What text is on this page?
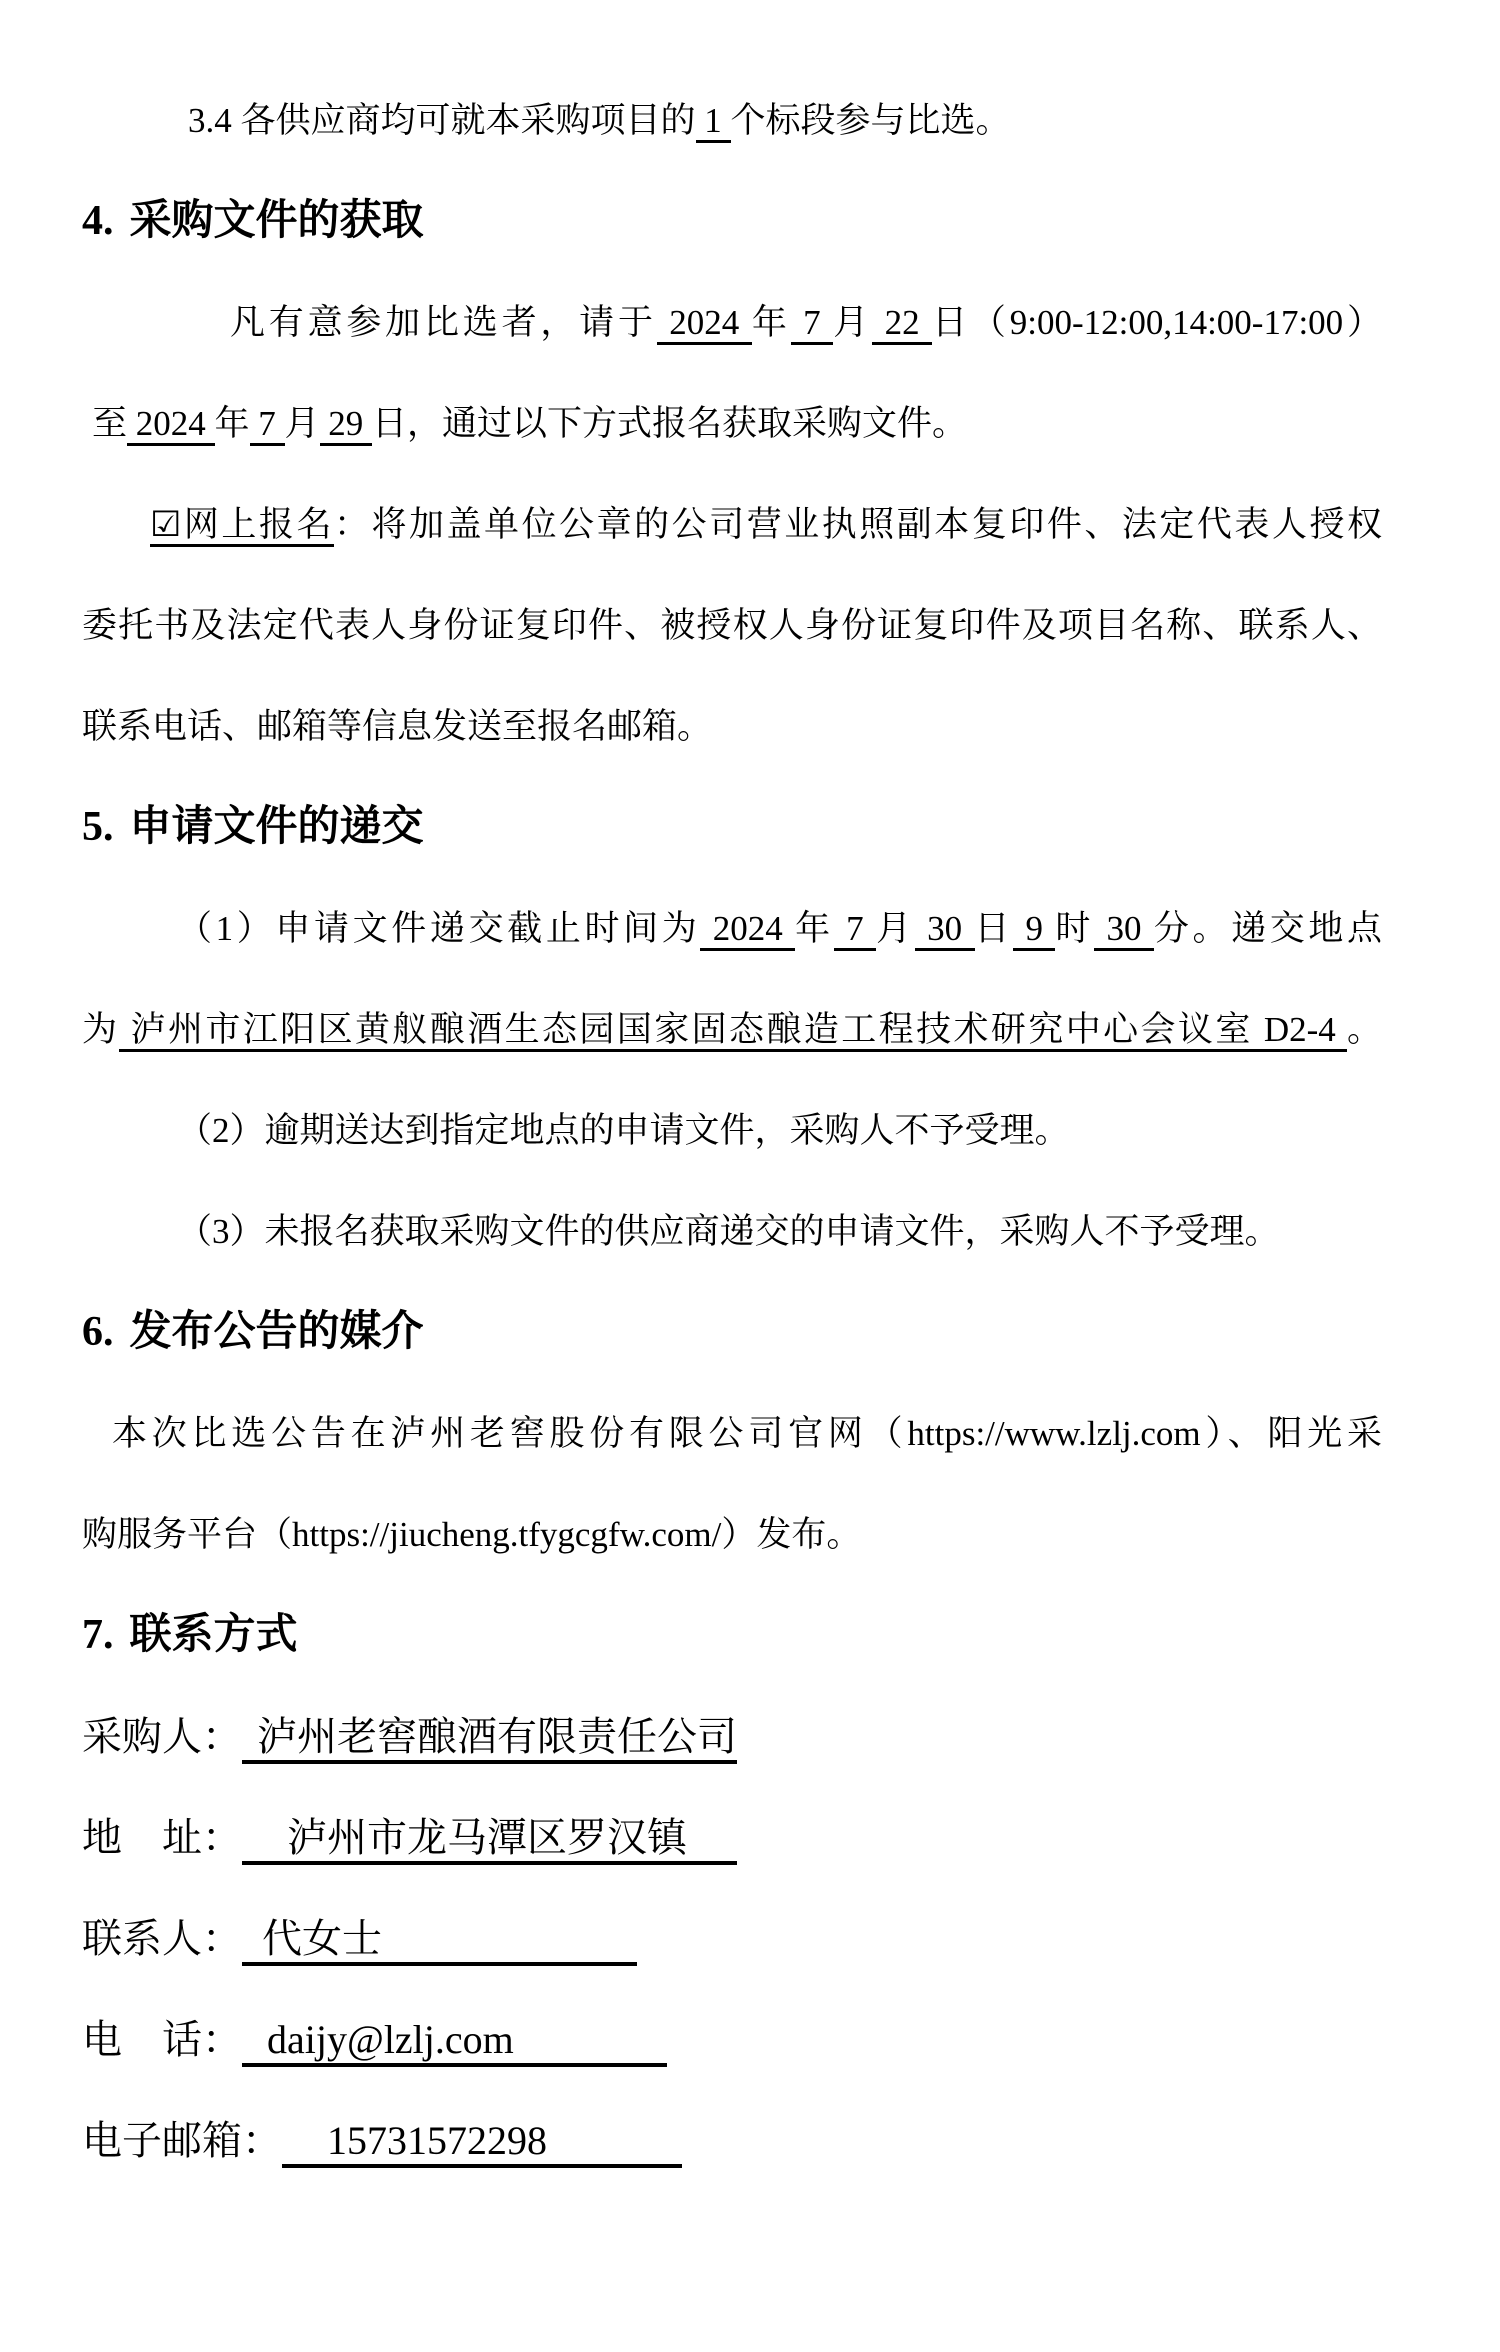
3.4 各供应商均可就本采购项目的 1 个标段参与比选。
4. 采购文件的获取
凡有意参加比选者，请于 2024 年 7 月 22 日（9:00-12:00,14:00-17:00）
至 2024 年 7 月 29 日，通过以下方式报名获取采购文件。
☑网上报名：将加盖单位公章的公司营业执照副本复印件、法定代表人授权
委托书及法定代表人身份证复印件、被授权人身份证复印件及项目名称、联系人、
联系电话、邮箱等信息发送至报名邮箱。
5. 申请文件的递交
（1）申请文件递交截止时间为 2024 年 7 月 30 日 9 时 30 分。递交地点
为 泸州市江阳区黄舣酿酒生态园国家固态酿造工程技术研究中心会议室 D2-4 。
（2）逾期送达到指定地点的申请文件，采购人不予受理。
（3）未报名获取采购文件的供应商递交的申请文件，采购人不予受理。
6. 发布公告的媒介
本次比选公告在泸州老窖股份有限公司官网（https://www.lzlj.com）、阳光采
购服务平台（https://jiucheng.tfygcgfw.com/）发布。
7. 联系方式
采购人： 泸州老窖酿酒有限责任公司
地　址： 泸州市龙马潭区罗汉镇
联系人： 代女士
电　话： daijy@lzlj.com
电子邮箱： 15731572298
